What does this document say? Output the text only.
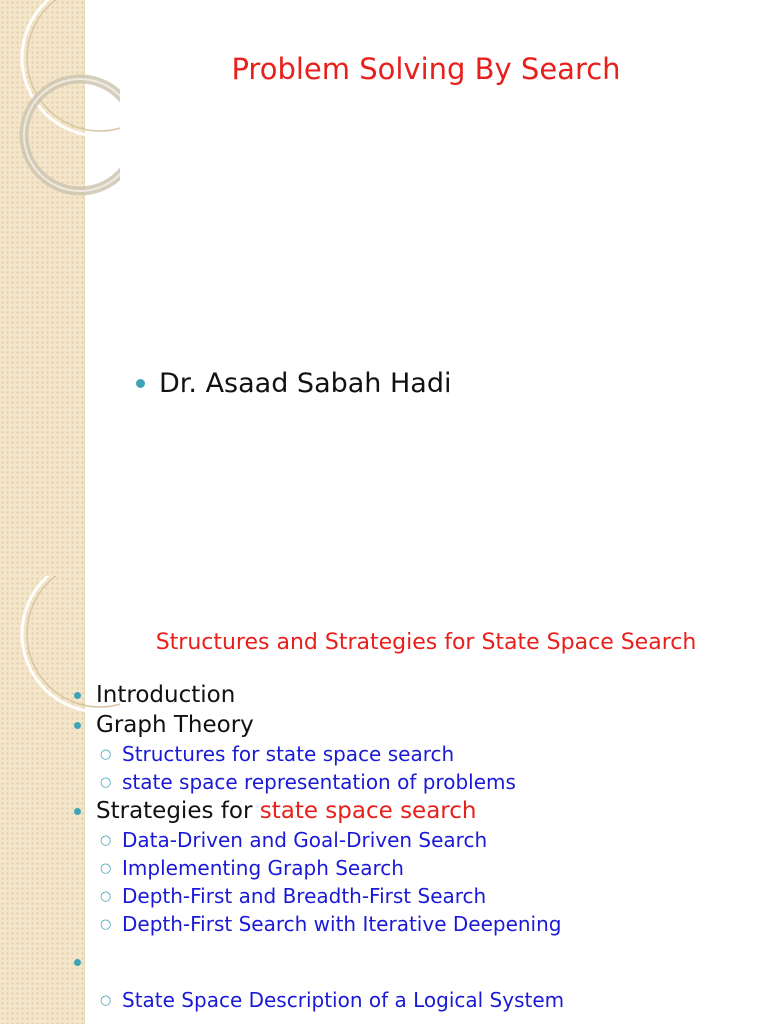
Problem Solving By Search
Dr. Asaad Sabah Hadi
Structures and Strategies for State Space Search
Introduction
Graph Theory
○ Structures for state space search
○ state space representation of problems
Strategies for state space search
○ Data-Driven and Goal-Driven Search
○ Implementing Graph Search
○ Depth-First and Breadth-First Search
○ Depth-First Search with Iterative Deepening
○ State Space Description of a Logical System
